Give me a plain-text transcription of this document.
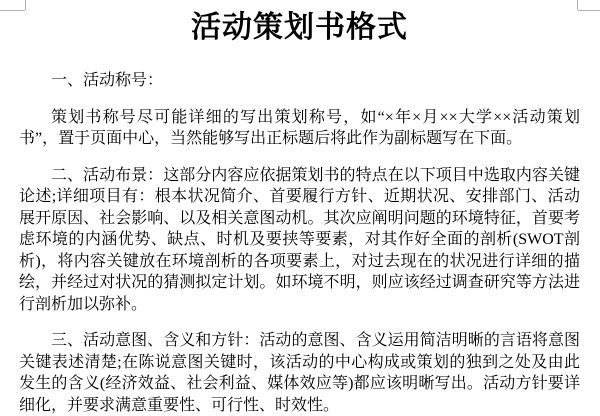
活动策划书格式

一、活动称号：

策划书称号尽可能详细的写出策划称号，如“×年×月××大学××活动策划书”，置于页面中心，当然能够写出正标题后将此作为副标题写在下面。

二、活动布景：这部分内容应依据策划书的特点在以下项目中选取内容关键论述;详细项目有：根本状况简介、首要履行方针、近期状况、安排部门、活动展开原因、社会影响、以及相关意图动机。其次应阐明问题的环境特征，首要考虑环境的内涵优势、缺点、时机及要挟等要素，对其作好全面的剖析(SWOT剖析)，将内容关键放在环境剖析的各项要素上，对过去现在的状况进行详细的描绘，并经过对状况的猜测拟定计划。如环境不明，则应该经过调查研究等方法进行剖析加以弥补。

三、活动意图、含义和方针：活动的意图、含义运用简洁明晰的言语将意图关键表述清楚;在陈说意图关键时，该活动的中心构成或策划的独到之处及由此发生的含义(经济效益、社会利益、媒体效应等)都应该明晰写出。活动方针要详细化，并要求满意重要性、可行性、时效性。
